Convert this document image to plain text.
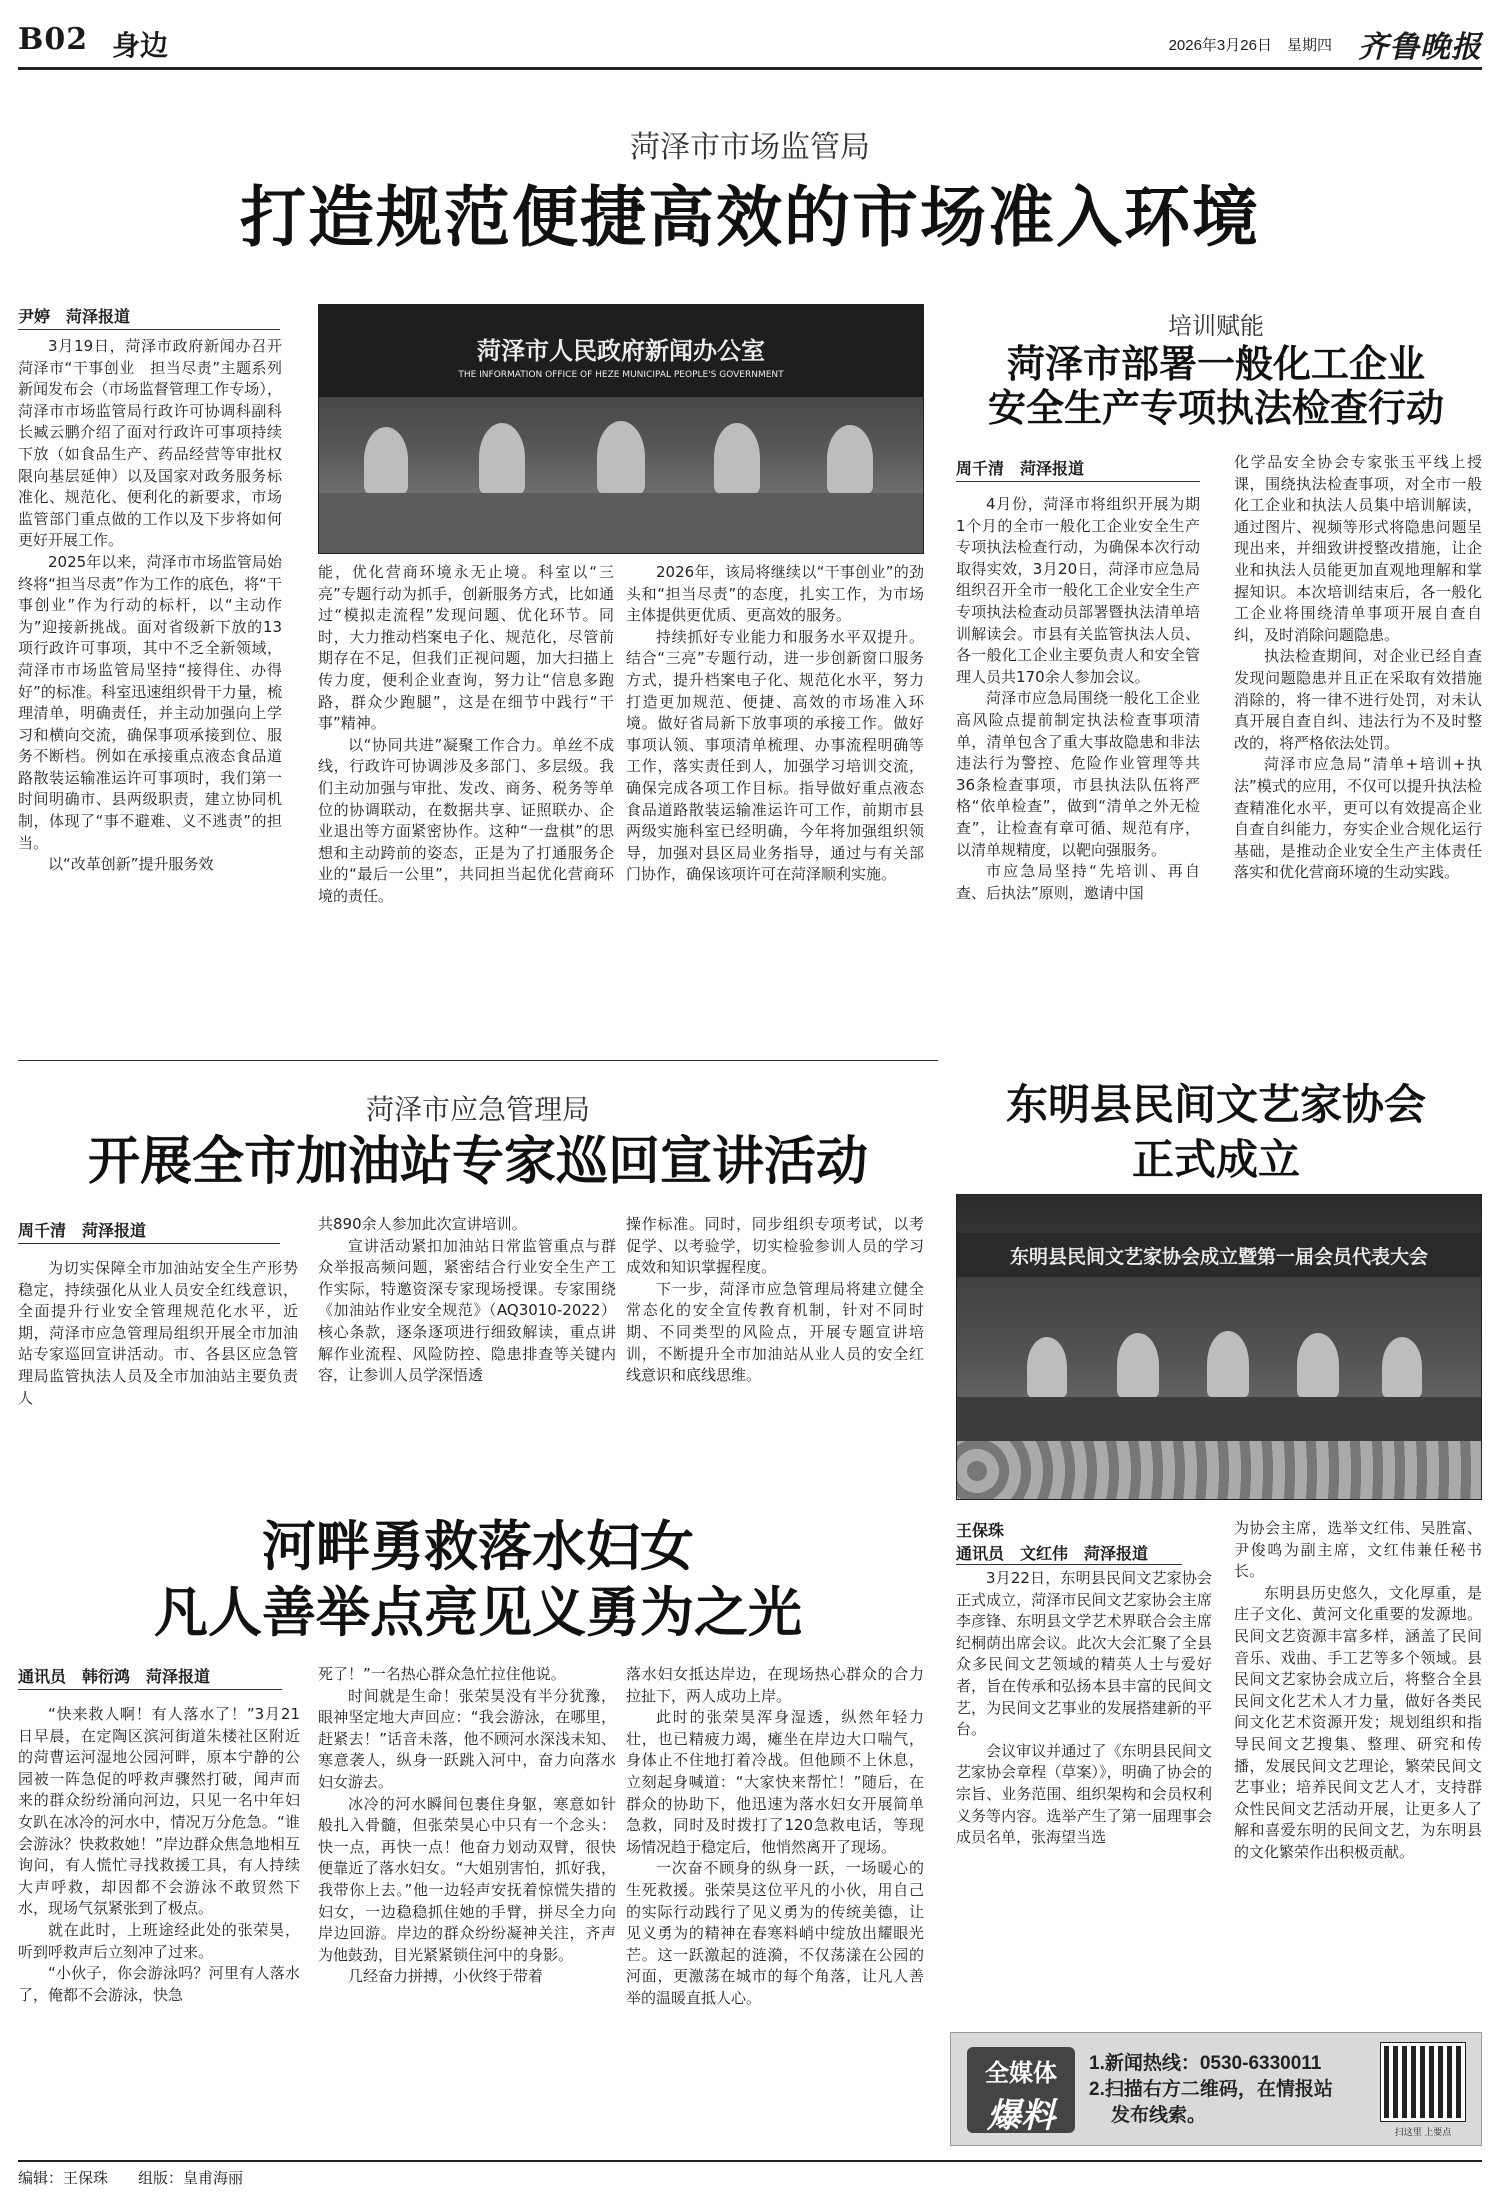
B02 身边	2026年3月26日　 星期四 齐鲁晚报
菏泽市市场监管局
打造规范便捷高效的市场准入环境
尹婷　菏泽报道

3月19日，菏泽市政府新闻办召开菏泽市“干事创业　担当尽责”主题系列新闻发布会（市场监督管理工作专场），菏泽市市场监管局行政许可协调科副科长臧云鹏介绍了面对行政许可事项持续下放（如食品生产、药品经营等审批权限向基层延伸）以及国家对政务服务标准化、规范化、便利化的新要求，市场监管部门重点做的工作以及下步将如何更好开展工作。

2025年以来，菏泽市市场监管局始终将“担当尽责”作为工作的底色，将“干事创业”作为行动的标杆，以“主动作为”迎接新挑战。面对省级新下放的13项行政许可事项，其中不乏全新领域，菏泽市市场监管局坚持“接得住、办得好”的标准。科室迅速组织骨干力量，梳理清单，明确责任，并主动加强向上学习和横向交流，确保事项承接到位、服务不断档。例如在承接重点液态食品道路散装运输准运许可事项时，我们第一时间明确市、县两级职责，建立协同机制，体现了“事不避难、义不逃责”的担当。

以“改革创新”提升服务效

菏泽市人民政府新闻办公室
THE INFORMATION OFFICE OF HEZE MUNICIPAL PEOPLE'S GOVERNMENT

能，优化营商环境永无止境。科室以“三亮”专题行动为抓手，创新服务方式，比如通过“模拟走流程”发现问题、优化环节。同时，大力推动档案电子化、规范化，尽管前期存在不足，但我们正视问题，加大扫描上传力度，便利企业查询，努力让“信息多跑路，群众少跑腿”，这是在细节中践行“干事”精神。

以“协同共进”凝聚工作合力。单丝不成线，行政许可协调涉及多部门、多层级。我们主动加强与审批、发改、商务、税务等单位的协调联动，在数据共享、证照联办、企业退出等方面紧密协作。这种“一盘棋”的思想和主动跨前的姿态，正是为了打通服务企业的“最后一公里”，共同担当起优化营商环境的责任。

2026年，该局将继续以“干事创业”的劲头和“担当尽责”的态度，扎实工作，为市场主体提供更优质、更高效的服务。

持续抓好专业能力和服务水平双提升。结合“三亮”专题行动，进一步创新窗口服务方式，提升档案电子化、规范化水平，努力打造更加规范、便捷、高效的市场准入环境。做好省局新下放事项的承接工作。做好事项认领、事项清单梳理、办事流程明确等工作，落实责任到人，加强学习培训交流，确保完成各项工作目标。指导做好重点液态食品道路散装运输准运许可工作，前期市县两级实施科室已经明确，今年将加强组织领导，加强对县区局业务指导，通过与有关部门协作，确保该项许可在菏泽顺利实施。

培训赋能
菏泽市部署一般化工企业
安全生产专项执法检查行动
周千清　菏泽报道

4月份，菏泽市将组织开展为期1个月的全市一般化工企业安全生产专项执法检查行动，为确保本次行动取得实效，3月20日，菏泽市应急局组织召开全市一般化工企业安全生产专项执法检查动员部署暨执法清单培训解读会。市县有关监管执法人员、各一般化工企业主要负责人和安全管理人员共170余人参加会议。

菏泽市应急局围绕一般化工企业高风险点提前制定执法检查事项清单，清单包含了重大事故隐患和非法违法行为警控、危险作业管理等共36条检查事项，市县执法队伍将严格“依单检查”，做到“清单之外无检查”，让检查有章可循、规范有序，以清单规精度，以靶向强服务。

市应急局坚持“先培训、再自查、后执法”原则，邀请中国

化学品安全协会专家张玉平线上授课，围绕执法检查事项，对全市一般化工企业和执法人员集中培训解读，通过图片、视频等形式将隐患问题呈现出来，并细致讲授整改措施，让企业和执法人员能更加直观地理解和掌握知识。本次培训结束后，各一般化工企业将围绕清单事项开展自查自纠，及时消除问题隐患。

执法检查期间，对企业已经自查发现问题隐患并且正在采取有效措施消除的，将一律不进行处罚，对未认真开展自查自纠、违法行为不及时整改的，将严格依法处罚。

菏泽市应急局“清单+培训+执法”模式的应用，不仅可以提升执法检查精准化水平，更可以有效提高企业自查自纠能力，夯实企业合规化运行基础，是推动企业安全生产主体责任落实和优化营商环境的生动实践。

菏泽市应急管理局
开展全市加油站专家巡回宣讲活动
周千清　菏泽报道

为切实保障全市加油站安全生产形势稳定，持续强化从业人员安全红线意识，全面提升行业安全管理规范化水平，近期，菏泽市应急管理局组织开展全市加油站专家巡回宣讲活动。市、各县区应急管理局监管执法人员及全市加油站主要负责人

共890余人参加此次宣讲培训。

宣讲活动紧扣加油站日常监管重点与群众举报高频问题，紧密结合行业安全生产工作实际，特邀资深专家现场授课。专家围绕《加油站作业安全规范》（AQ3010-2022）核心条款，逐条逐项进行细致解读，重点讲解作业流程、风险防控、隐患排查等关键内容，让参训人员学深悟透

操作标准。同时，同步组织专项考试，以考促学、以考验学，切实检验参训人员的学习成效和知识掌握程度。

下一步，菏泽市应急管理局将建立健全常态化的安全宣传教育机制，针对不同时期、不同类型的风险点，开展专题宣讲培训，不断提升全市加油站从业人员的安全红线意识和底线思维。

东明县民间文艺家协会
正式成立
东明县民间文艺家协会成立暨第一届会员代表大会
王保珠
通讯员　文红伟　菏泽报道

3月22日，东明县民间文艺家协会正式成立，菏泽市民间文艺家协会主席李彦锋、东明县文学艺术界联合会主席纪桐荫出席会议。此次大会汇聚了全县众多民间文艺领域的精英人士与爱好者，旨在传承和弘扬本县丰富的民间文艺，为民间文艺事业的发展搭建新的平台。

会议审议并通过了《东明县民间文艺家协会章程（草案）》，明确了协会的宗旨、业务范围、组织架构和会员权利义务等内容。选举产生了第一届理事会成员名单，张海望当选

为协会主席，选举文红伟、吴胜富、尹俊鸣为副主席，文红伟兼任秘书长。

东明县历史悠久，文化厚重，是庄子文化、黄河文化重要的发源地。民间文艺资源丰富多样，涵盖了民间音乐、戏曲、手工艺等多个领域。县民间文艺家协会成立后，将整合全县民间文化艺术人才力量，做好各类民间文化艺术资源开发；规划组织和指导民间文艺搜集、整理、研究和传播，发展民间文艺理论，繁荣民间文艺事业；培养民间文艺人才，支持群众性民间文艺活动开展，让更多人了解和喜爱东明的民间文艺，为东明县的文化繁荣作出积极贡献。

河畔勇救落水妇女
凡人善举点亮见义勇为之光
通讯员　韩衍鸿　菏泽报道

“快来救人啊！有人落水了！”3月21日早晨，在定陶区滨河街道朱楼社区附近的菏曹运河湿地公园河畔，原本宁静的公园被一阵急促的呼救声骤然打破，闻声而来的群众纷纷涌向河边，只见一名中年妇女趴在冰冷的河水中，情况万分危急。“谁会游泳？快救救她！”岸边群众焦急地相互询问，有人慌忙寻找救援工具，有人持续大声呼救，却因都不会游泳不敢贸然下水，现场气氛紧张到了极点。

就在此时，上班途经此处的张荣昊，听到呼救声后立刻冲了过来。

“小伙子，你会游泳吗？河里有人落水了，俺都不会游泳，快急

死了！”一名热心群众急忙拉住他说。

时间就是生命！张荣昊没有半分犹豫，眼神坚定地大声回应：“我会游泳，在哪里，赶紧去！”话音未落，他不顾河水深浅未知、寒意袭人，纵身一跃跳入河中，奋力向落水妇女游去。

冰冷的河水瞬间包裹住身躯，寒意如针般扎入骨髓，但张荣昊心中只有一个念头：快一点，再快一点！他奋力划动双臂，很快便靠近了落水妇女。“大姐别害怕，抓好我，我带你上去。”他一边轻声安抚着惊慌失措的妇女，一边稳稳抓住她的手臂，拼尽全力向岸边回游。岸边的群众纷纷凝神关注，齐声为他鼓劲，目光紧紧锁住河中的身影。

几经奋力拼搏，小伙终于带着

落水妇女抵达岸边，在现场热心群众的合力拉扯下，两人成功上岸。

此时的张荣昊浑身湿透，纵然年轻力壮，也已精疲力竭，瘫坐在岸边大口喘气，身体止不住地打着冷战。但他顾不上休息，立刻起身喊道：“大家快来帮忙！”随后，在群众的协助下，他迅速为落水妇女开展简单急救，同时及时拨打了120急救电话，等现场情况趋于稳定后，他悄然离开了现场。

一次奋不顾身的纵身一跃，一场暖心的生死救援。张荣昊这位平凡的小伙，用自己的实际行动践行了见义勇为的传统美德，让见义勇为的精神在春寒料峭中绽放出耀眼光芒。这一跃激起的涟漪，不仅荡漾在公园的河面，更激荡在城市的每个角落，让凡人善举的温暖直抵人心。

全媒体
爆料
1.新闻热线：0530-6330011
2.扫描右方二维码，在情报站
发布线索。
扫这里 上要点
编辑：王保珠　　 组版：皇甫海丽
